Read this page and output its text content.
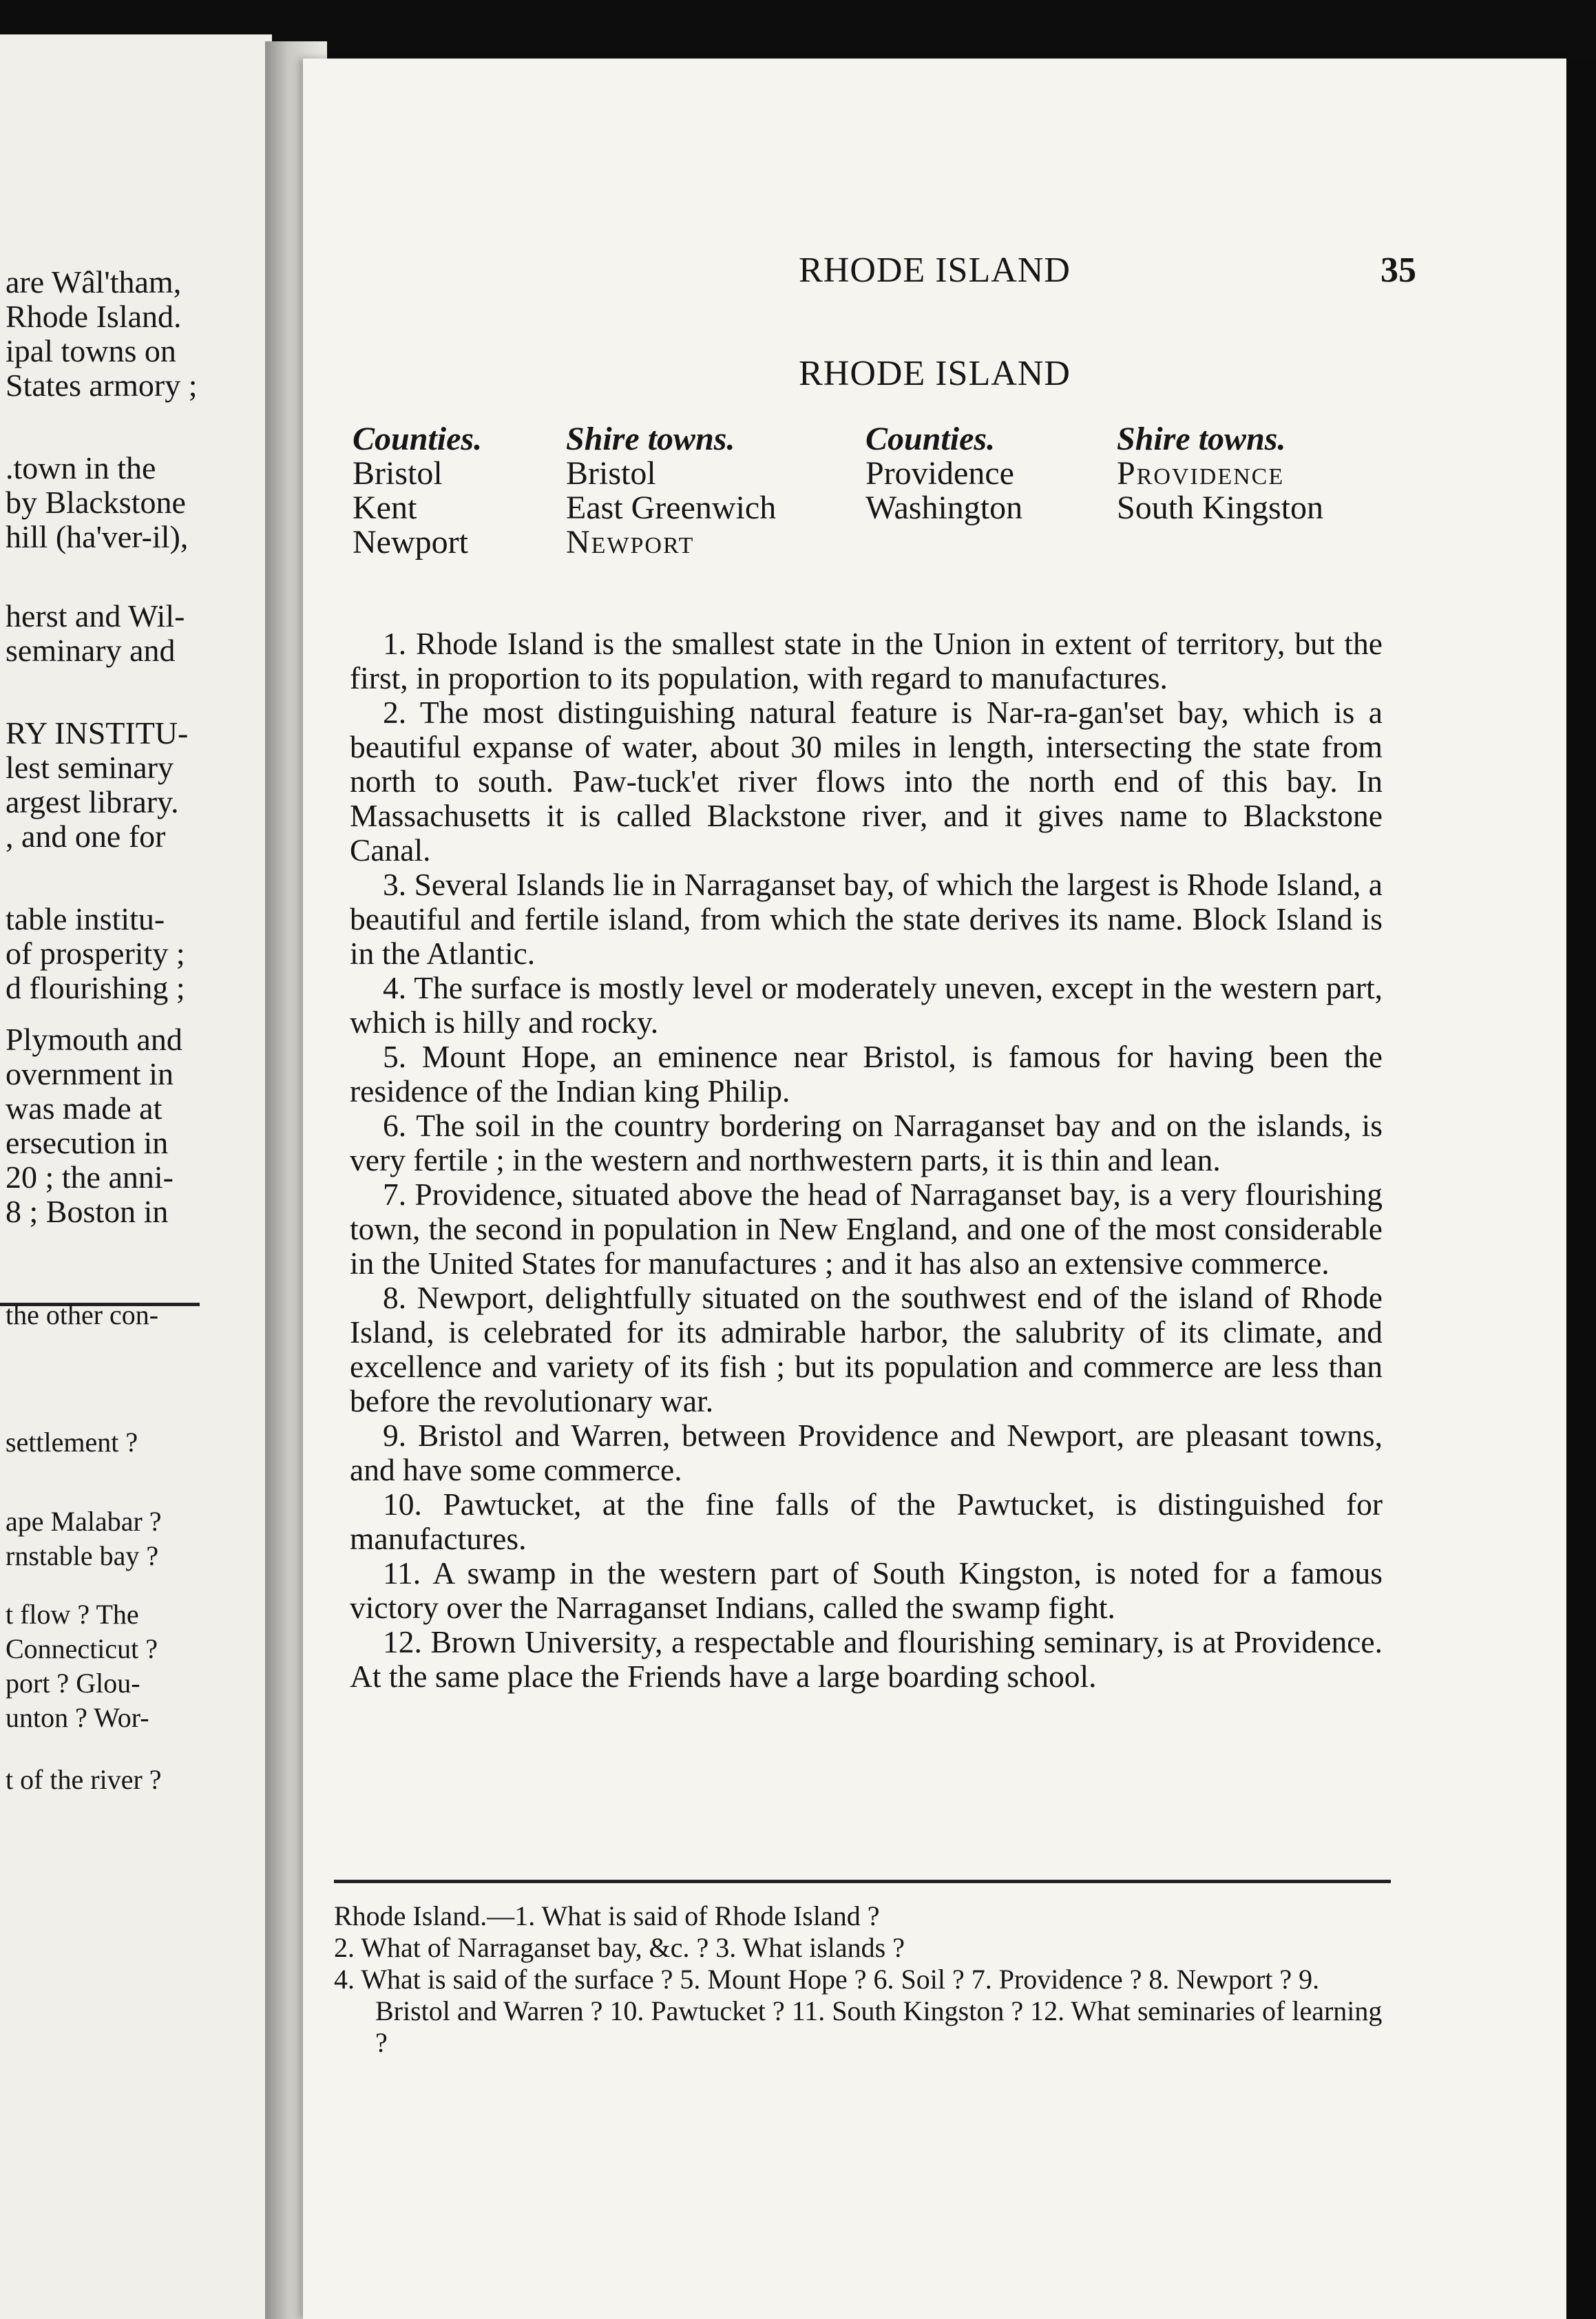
are Wâl'tham,
Rhode Island.
ipal towns on
States armory ;
.town in the
by Blackstone
hill (ha'ver-il),
herst and Wil-
seminary and
RY INSTITU-
lest seminary
argest library.
, and one for
table institu-
of prosperity ;
d flourishing ;
Plymouth and
overnment in
was made at
ersecution in
20 ; the anni-
8 ; Boston in
the other con-
settlement ?
ape Malabar ?
rnstable bay ?
t flow ? The
Connecticut ?
port ? Glou-
unton ? Wor-
t of the river ?
RHODE ISLAND	35
RHODE ISLAND
Counties.
Bristol
Kent
Newport
Shire towns.
Bristol
East Greenwich
Newport
Counties.
Providence
Washington
Shire towns.
Providence
South Kingston

1. Rhode Island is the smallest state in the Union in extent of territory, but the first, in proportion to its population, with regard to manufactures.

2. The most distinguishing natural feature is Nar-ra-gan'set bay, which is a beautiful expanse of water, about 30 miles in length, intersecting the state from north to south. Paw-tuck'et river flows into the north end of this bay. In Massachusetts it is called Blackstone river, and it gives name to Blackstone Canal.

3. Several Islands lie in Narraganset bay, of which the largest is Rhode Island, a beautiful and fertile island, from which the state derives its name. Block Island is in the Atlantic.

4. The surface is mostly level or moderately uneven, except in the western part, which is hilly and rocky.

5. Mount Hope, an eminence near Bristol, is famous for having been the residence of the Indian king Philip.

6. The soil in the country bordering on Narraganset bay and on the islands, is very fertile ; in the western and northwestern parts, it is thin and lean.

7. Providence, situated above the head of Narraganset bay, is a very flourishing town, the second in population in New England, and one of the most considerable in the United States for manufactures ; and it has also an extensive commerce.

8. Newport, delightfully situated on the southwest end of the island of Rhode Island, is celebrated for its admirable harbor, the salubrity of its climate, and excellence and variety of its fish ; but its population and commerce are less than before the revolutionary war.

9. Bristol and Warren, between Providence and Newport, are pleasant towns, and have some commerce.

10. Pawtucket, at the fine falls of the Pawtucket, is distinguished for manufactures.

11. A swamp in the western part of South Kingston, is noted for a famous victory over the Narraganset Indians, called the swamp fight.

12. Brown University, a respectable and flourishing seminary, is at Providence. At the same place the Friends have a large boarding school.

Rhode Island.—1. What is said of Rhode Island ?

2. What of Narraganset bay, &c. ? 3. What islands ?

4. What is said of the surface ? 5. Mount Hope ? 6. Soil ? 7. Providence ? 8. Newport ? 9. Bristol and Warren ? 10. Pawtucket ? 11. South Kingston ? 12. What seminaries of learning ?
